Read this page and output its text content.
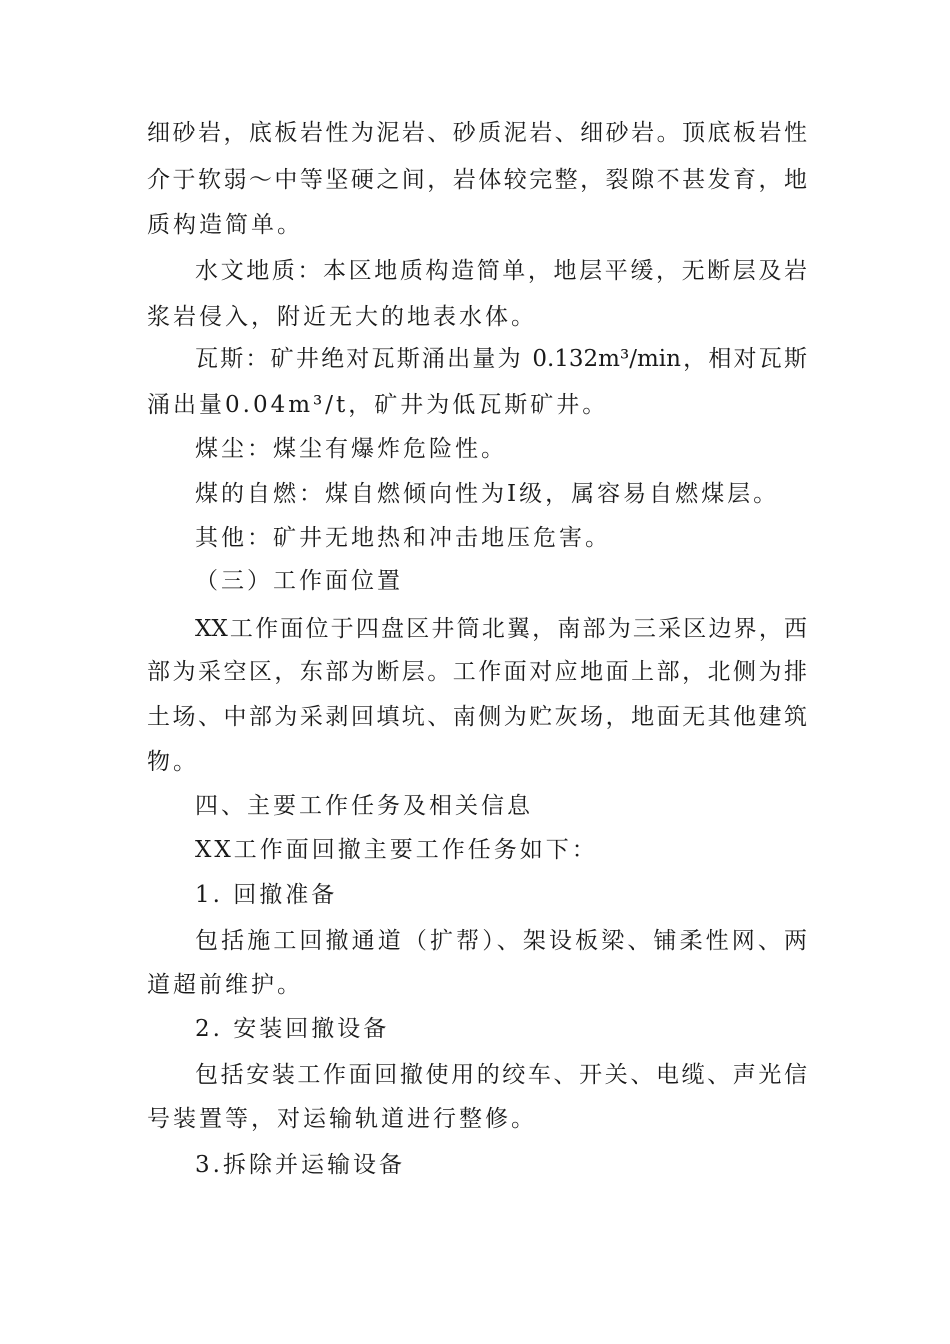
细砂岩，底板岩性为泥岩、砂质泥岩、细砂岩。顶底板岩性
介于软弱～中等坚硬之间，岩体较完整，裂隙不甚发育，地
质构造简单。
水文地质：本区地质构造简单，地层平缓，无断层及岩
浆岩侵入，附近无大的地表水体。
瓦斯：矿井绝对瓦斯涌出量为 0.132m³/min，相对瓦斯
涌出量0.04m³/t，矿井为低瓦斯矿井。
煤尘：煤尘有爆炸危险性。
煤的自燃：煤自燃倾向性为Ⅰ级，属容易自燃煤层。
其他：矿井无地热和冲击地压危害。
（三）工作面位置
XX工作面位于四盘区井筒北翼，南部为三采区边界，西
部为采空区，东部为断层。工作面对应地面上部，北侧为排
土场、中部为采剥回填坑、南侧为贮灰场，地面无其他建筑
物。
四、主要工作任务及相关信息
XX工作面回撤主要工作任务如下：
1. 回撤准备
包括施工回撤通道（扩帮）、架设板梁、铺柔性网、两
道超前维护。
2. 安装回撤设备
包括安装工作面回撤使用的绞车、开关、电缆、声光信
号装置等，对运输轨道进行整修。
3.拆除并运输设备
